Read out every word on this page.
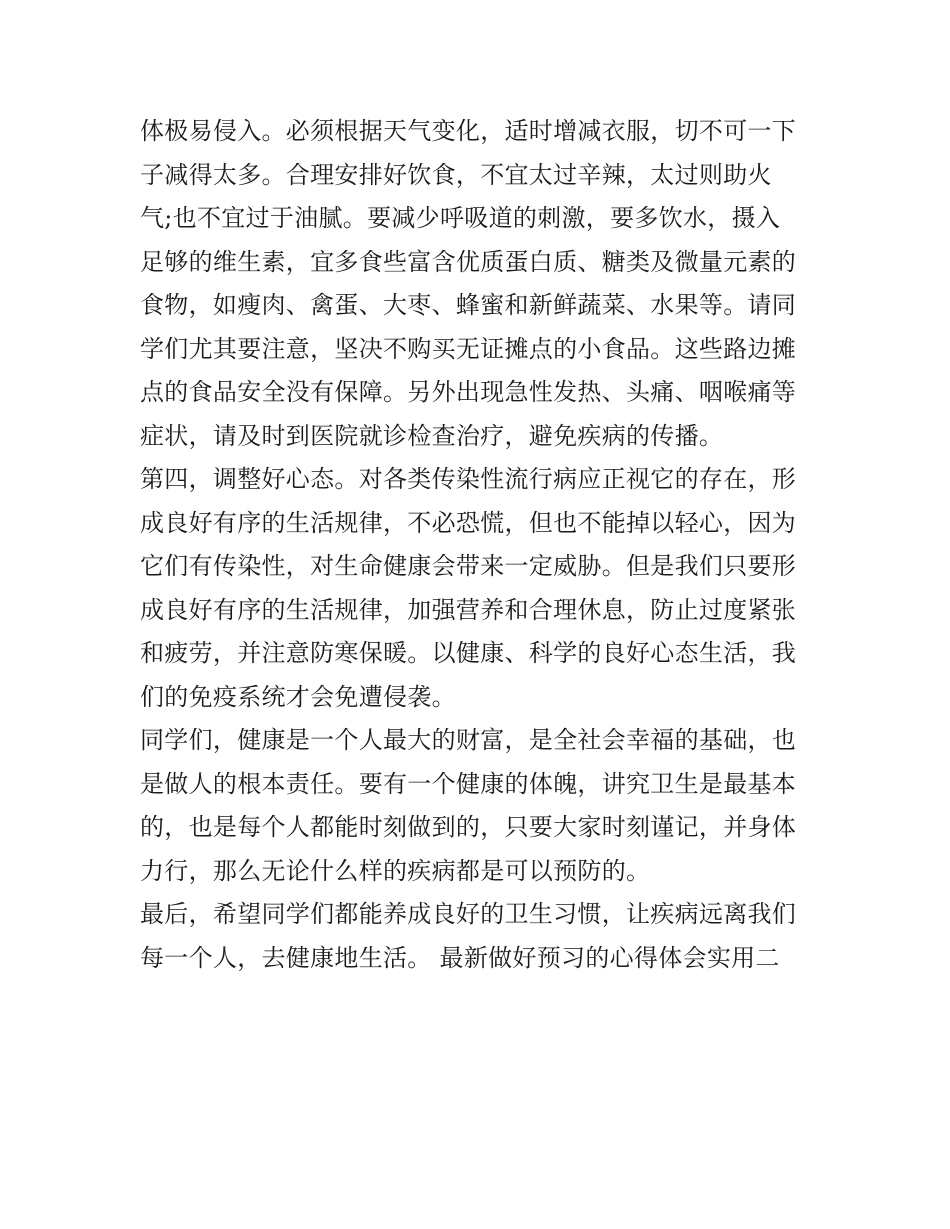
体极易侵入。必须根据天气变化，适时增减衣服，切不可一下
子减得太多。合理安排好饮食，不宜太过辛辣，太过则助火
气;也不宜过于油腻。要减少呼吸道的刺激，要多饮水，摄入
足够的维生素，宜多食些富含优质蛋白质、糖类及微量元素的
食物，如瘦肉、禽蛋、大枣、蜂蜜和新鲜蔬菜、水果等。请同
学们尤其要注意，坚决不购买无证摊点的小食品。这些路边摊
点的食品安全没有保障。另外出现急性发热、头痛、咽喉痛等
症状，请及时到医院就诊检查治疗，避免疾病的传播。
第四，调整好心态。对各类传染性流行病应正视它的存在，形
成良好有序的生活规律，不必恐慌，但也不能掉以轻心，因为
它们有传染性，对生命健康会带来一定威胁。但是我们只要形
成良好有序的生活规律，加强营养和合理休息，防止过度紧张
和疲劳，并注意防寒保暖。以健康、科学的良好心态生活，我
们的免疫系统才会免遭侵袭。
同学们，健康是一个人最大的财富，是全社会幸福的基础，也
是做人的根本责任。要有一个健康的体魄，讲究卫生是最基本
的，也是每个人都能时刻做到的，只要大家时刻谨记，并身体
力行，那么无论什么样的疾病都是可以预防的。
最后，希望同学们都能养成良好的卫生习惯，让疾病远离我们
每一个人，去健康地生活。 最新做好预习的心得体会实用二
